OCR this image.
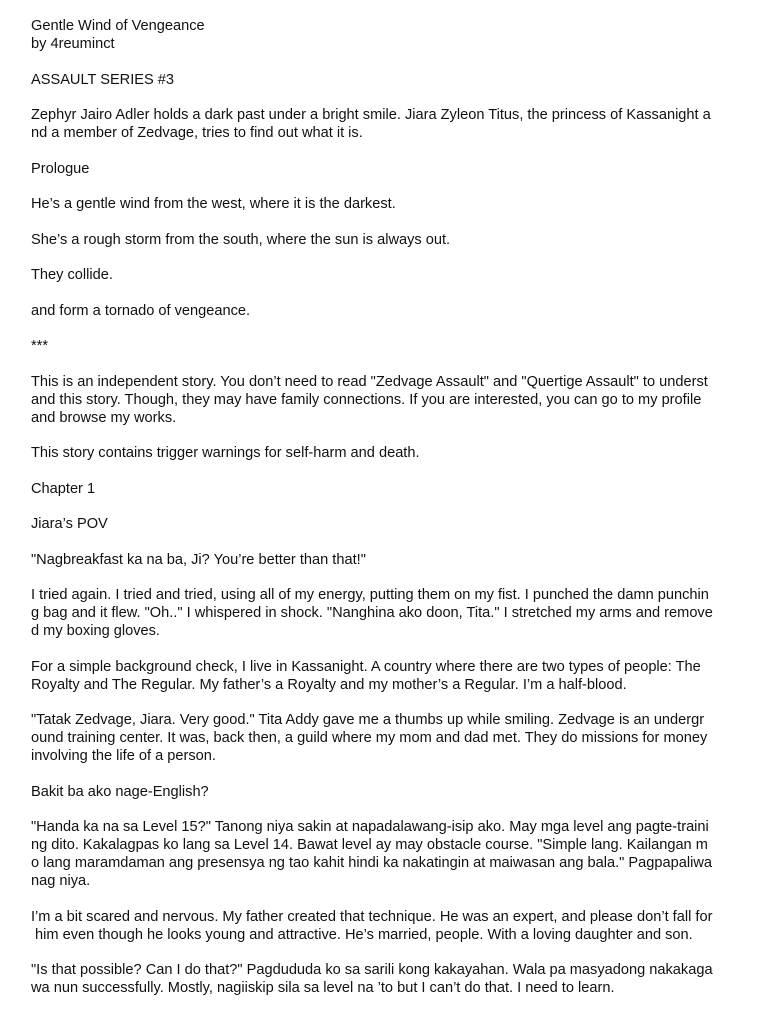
Gentle Wind of Vengeance
by 4reuminct
ASSAULT SERIES #3
Zephyr Jairo Adler holds a dark past under a bright smile. Jiara Zyleon Titus, the princess of Kassanight a
nd a member of Zedvage, tries to find out what it is.
Prologue
He’s a gentle wind from the west, where it is the darkest.
She’s a rough storm from the south, where the sun is always out.
They collide.
and form a tornado of vengeance.
***
This is an independent story. You don’t need to read "Zedvage Assault" and "Quertige Assault" to underst
and this story. Though, they may have family connections. If you are interested, you can go to my profile
and browse my works.
This story contains trigger warnings for self-harm and death.
Chapter 1
Jiara’s POV
"Nagbreakfast ka na ba, Ji? You’re better than that!"
I tried again. I tried and tried, using all of my energy, putting them on my fist. I punched the damn punchin
g bag and it flew. "Oh.." I whispered in shock. "Nanghina ako doon, Tita." I stretched my arms and remove
d my boxing gloves.
For a simple background check, I live in Kassanight. A country where there are two types of people: The
Royalty and The Regular. My father’s a Royalty and my mother’s a Regular. I’m a half-blood.
"Tatak Zedvage, Jiara. Very good." Tita Addy gave me a thumbs up while smiling. Zedvage is an undergr
ound training center. It was, back then, a guild where my mom and dad met. They do missions for money
involving the life of a person.
Bakit ba ako nage-English?
"Handa ka na sa Level 15?" Tanong niya sakin at napadalawang-isip ako. May mga level ang pagte-traini
ng dito. Kakalagpas ko lang sa Level 14. Bawat level ay may obstacle course. "Simple lang. Kailangan m
o lang maramdaman ang presensya ng tao kahit hindi ka nakatingin at maiwasan ang bala." Pagpapaliwa
nag niya.
I’m a bit scared and nervous. My father created that technique. He was an expert, and please don’t fall for
him even though he looks young and attractive. He’s married, people. With a loving daughter and son.
"Is that possible? Can I do that?" Pagdududa ko sa sarili kong kakayahan. Wala pa masyadong nakakaga
wa nun successfully. Mostly, nagiiskip sila sa level na ’to but I can’t do that. I need to learn.
